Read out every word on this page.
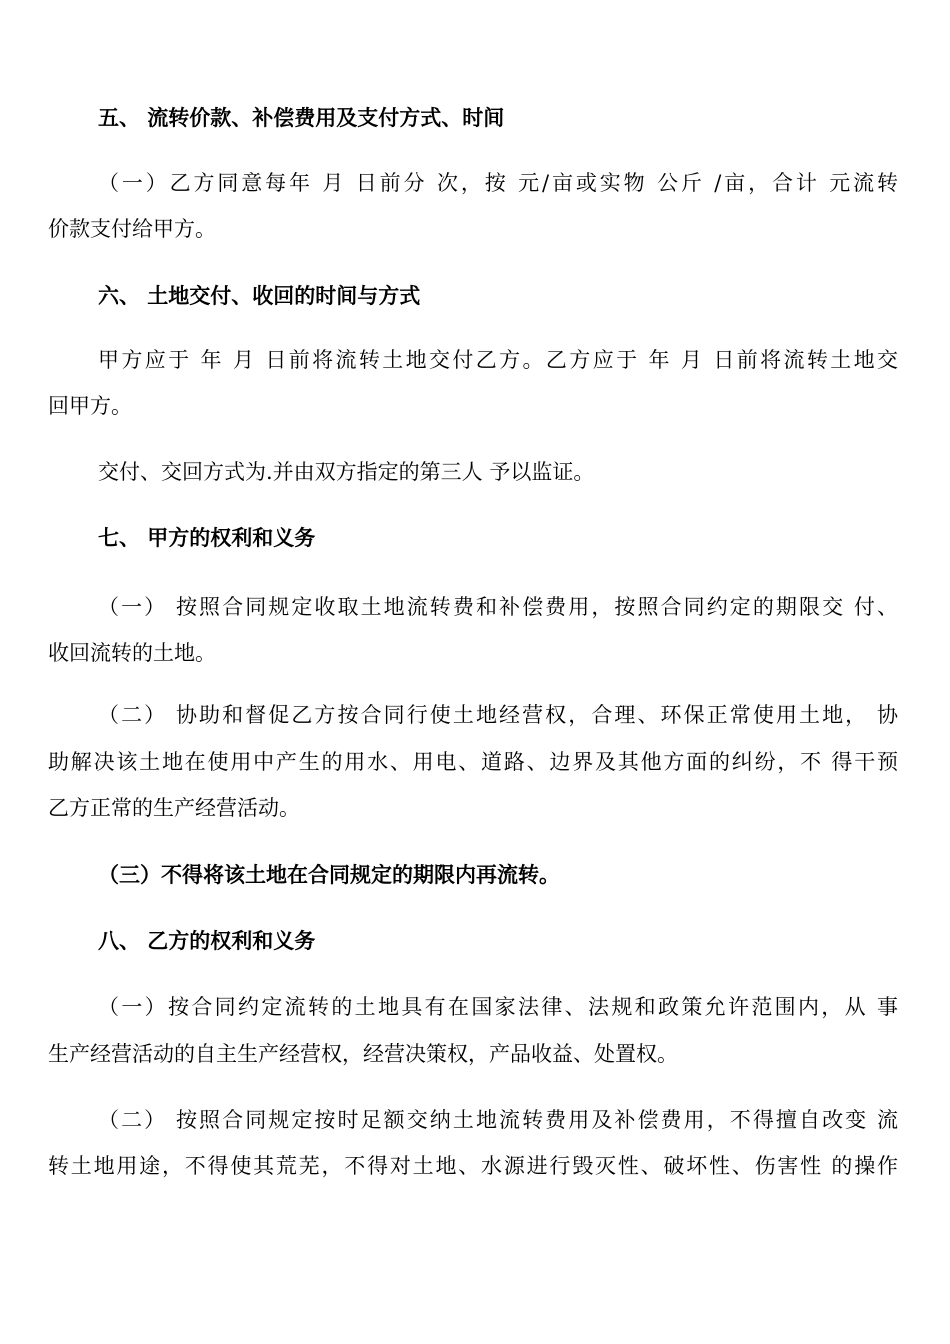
五、 流转价款、补偿费用及支付方式、时间
（一）乙方同意每年 月 日前分 次，按 元/亩或实物 公斤 /亩，合计 元流转
价款支付给甲方。
六、 土地交付、收回的时间与方式
甲方应于 年 月 日前将流转土地交付乙方。乙方应于 年 月 日前将流转土地交
回甲方。
交付、交回方式为.并由双方指定的第三人 予以监证。
七、 甲方的权利和义务
（一） 按照合同规定收取土地流转费和补偿费用，按照合同约定的期限交 付、
收回流转的土地。
（二） 协助和督促乙方按合同行使土地经营权，合理、环保正常使用土地， 协
助解决该土地在使用中产生的用水、用电、道路、边界及其他方面的纠纷，不 得干预
乙方正常的生产经营活动。
（三）不得将该土地在合同规定的期限内再流转。
八、 乙方的权利和义务
（一）按合同约定流转的土地具有在国家法律、法规和政策允许范围内，从 事
生产经营活动的自主生产经营权，经营决策权，产品收益、处置权。
（二） 按照合同规定按时足额交纳土地流转费用及补偿费用，不得擅自改变 流
转土地用途，不得使其荒芜，不得对土地、水源进行毁灭性、破坏性、伤害性 的操作
